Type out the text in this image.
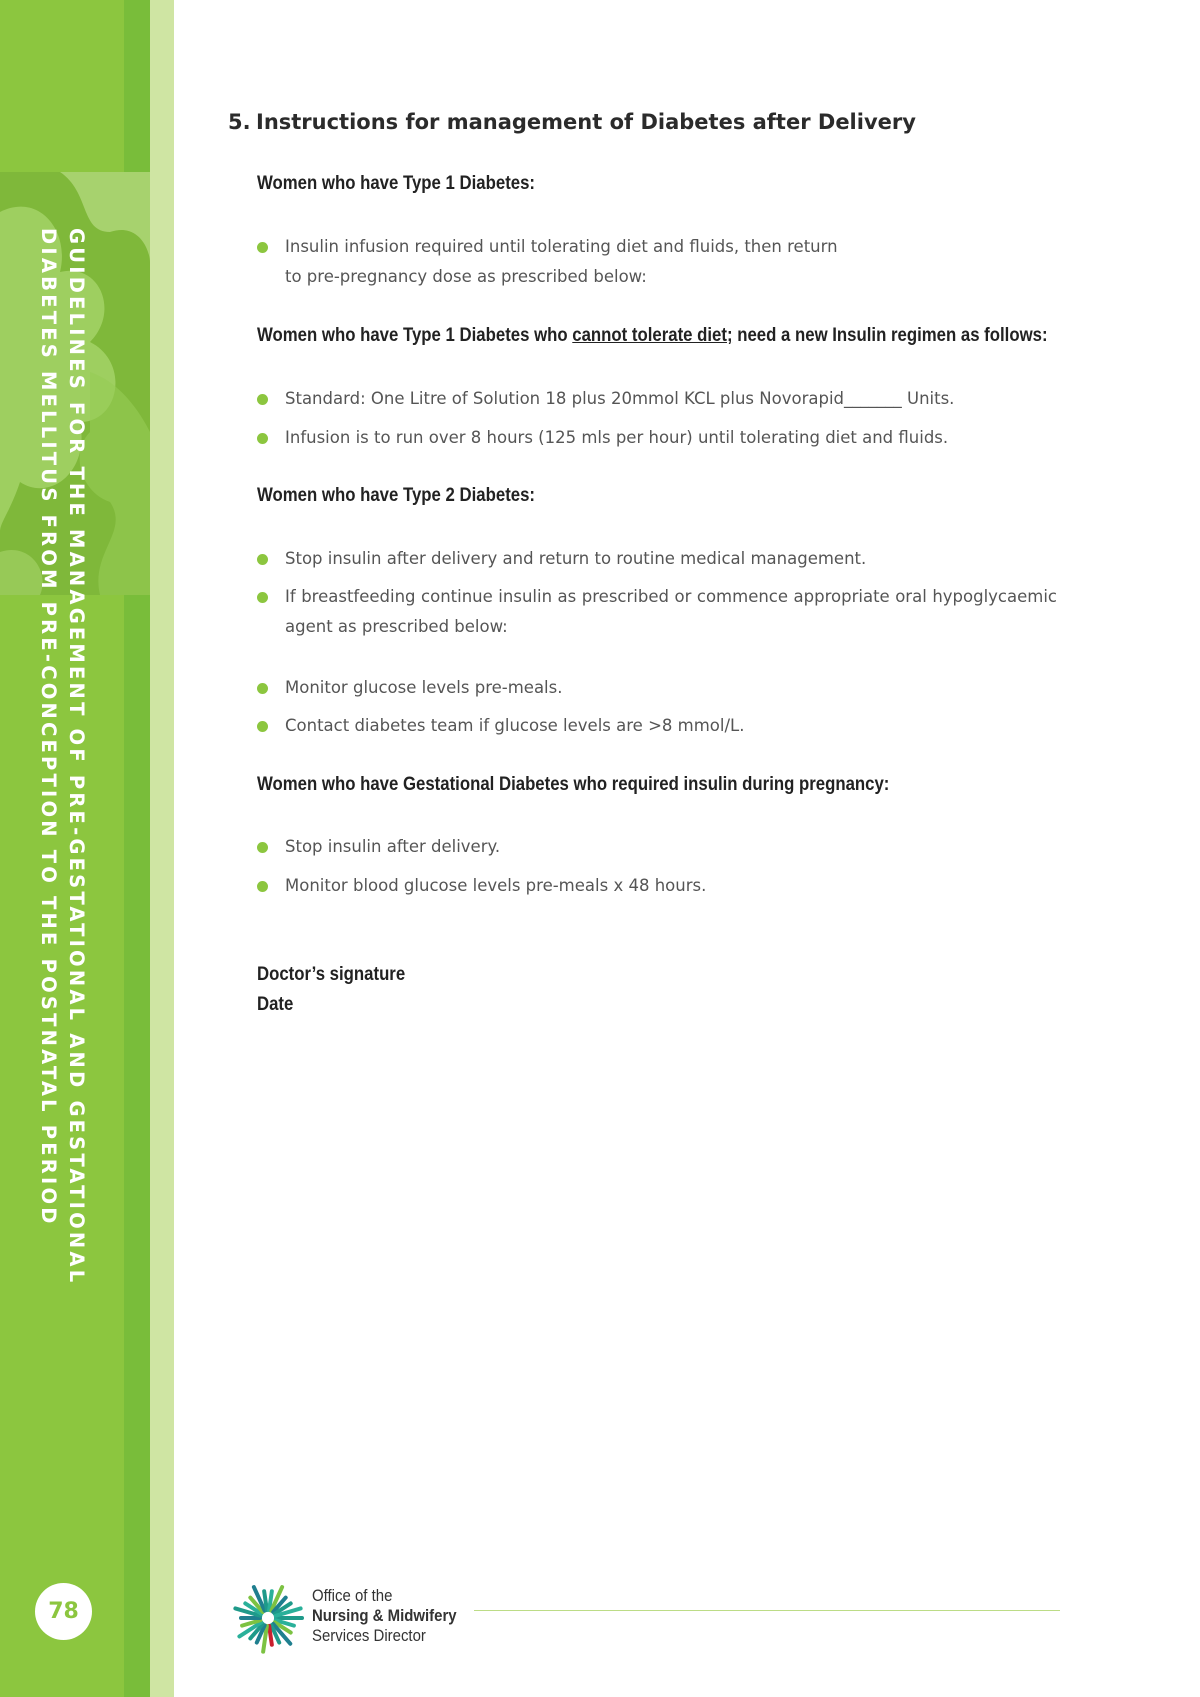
GUIDELINES FOR THE MANAGEMENT OF PRE-GESTATIONAL AND GESTATIONAL
DIABETES MELLITUS FROM PRE-CONCEPTION TO THE POSTNATAL PERIOD
78
5. Instructions for management of Diabetes after Delivery
Women who have Type 1 Diabetes:
Insulin infusion required until tolerating diet and fluids, then return to pre-pregnancy dose as prescribed below:
Women who have Type 1 Diabetes who cannot tolerate diet; need a new Insulin regimen as follows:
Standard: One Litre of Solution 18 plus 20mmol KCL plus Novorapid_______ Units.
Infusion is to run over 8 hours (125 mls per hour) until tolerating diet and fluids.
Women who have Type 2 Diabetes:
Stop insulin after delivery and return to routine medical management.
If breastfeeding continue insulin as prescribed or commence appropriate oral hypoglycaemic agent as prescribed below:
Monitor glucose levels pre-meals.
Contact diabetes team if glucose levels are >8 mmol/L.
Women who have Gestational Diabetes who required insulin during pregnancy:
Stop insulin after delivery.
Monitor blood glucose levels pre-meals x 48 hours.
Doctor’s signature
Date
Office of the
Nursing & Midwifery
Services Director
